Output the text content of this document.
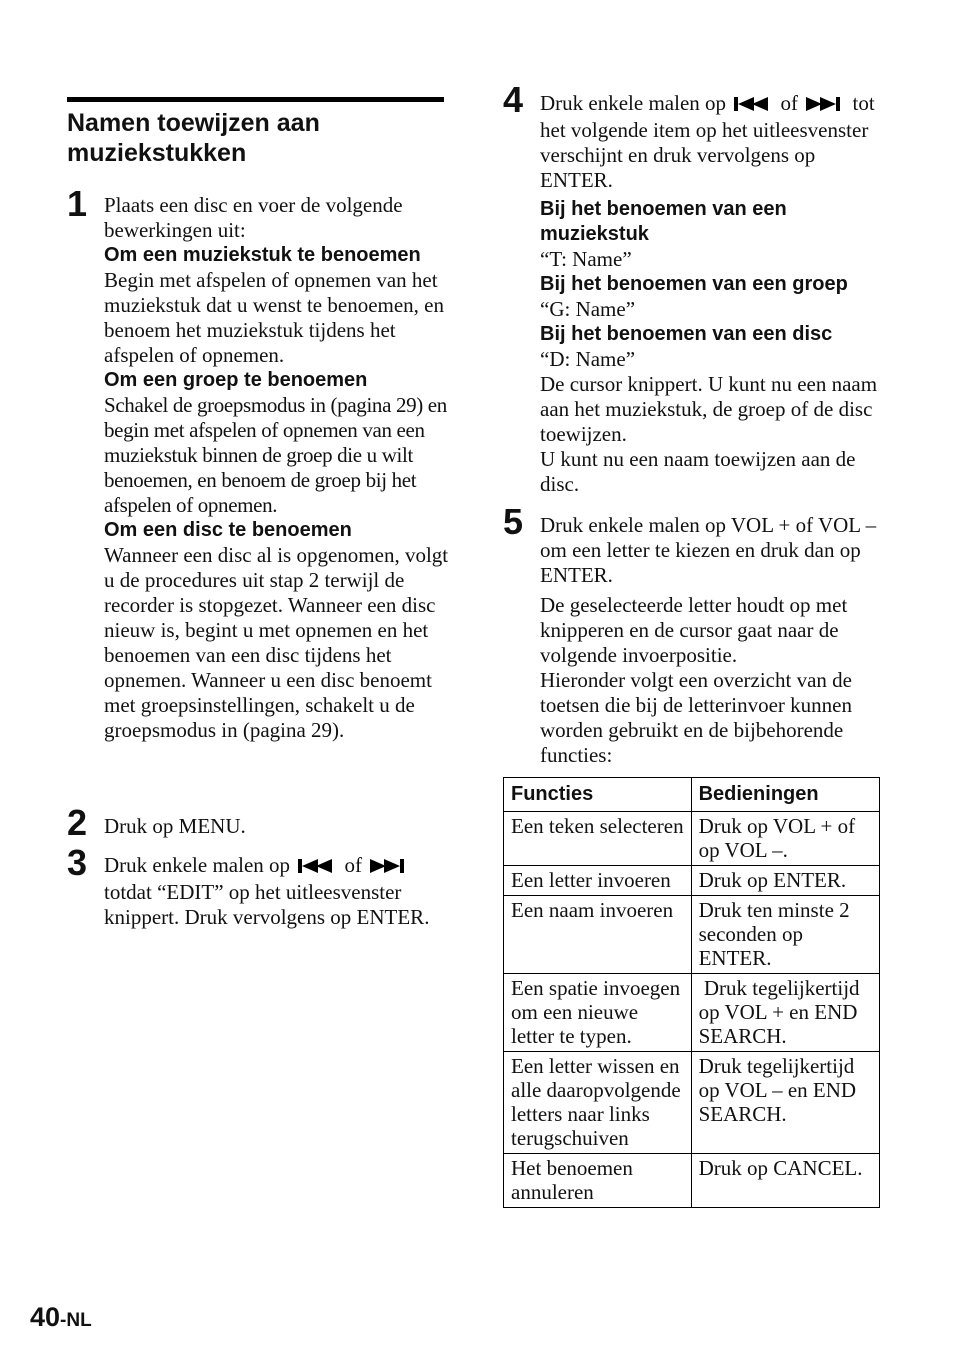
Namen toewijzen aan muziekstukken
1 Plaats een disc en voer de volgende bewerkingen uit:
Om een muziekstuk te benoemen
Begin met afspelen of opnemen van het muziekstuk dat u wenst te benoemen, en benoem het muziekstuk tijdens het afspelen of opnemen.
Om een groep te benoemen
Schakel de groepsmodus in (pagina 29) en begin met afspelen of opnemen van een muziekstuk binnen de groep die u wilt benoemen, en benoem de groep bij het afspelen of opnemen.
Om een disc te benoemen
Wanneer een disc al is opgenomen, volgt u de procedures uit stap 2 terwijl de recorder is stopgezet. Wanneer een disc nieuw is, begint u met opnemen en het benoemen van een disc tijdens het opnemen. Wanneer u een disc benoemt met groepsinstellingen, schakelt u de groepsmodus in (pagina 29).
2 Druk op MENU.
3 Druk enkele malen op	of  totdat “EDIT” op het uitleesvenster knippert. Druk vervolgens op ENTER.
4 Druk enkele malen op	of	tot het volgende item op het uitleesvenster verschijnt en druk vervolgens op ENTER.
Bij het benoemen van een muziekstuk
“T: Name”
Bij het benoemen van een groep
“G: Name”
Bij het benoemen van een disc
“D: Name”
De cursor knippert. U kunt nu een naam aan het muziekstuk, de groep of de disc toewijzen.
U kunt nu een naam toewijzen aan de disc.
5 Druk enkele malen op VOL + of VOL – om een letter te kiezen en druk dan op ENTER.
De geselecteerde letter houdt op met knipperen en de cursor gaat naar de volgende invoerpositie.
Hieronder volgt een overzicht van de toetsen die bij de letterinvoer kunnen worden gebruikt en de bijbehorende functies:
Functies	Bedieningen
Een teken selecteren	Druk op VOL + of op VOL –.
Een letter invoeren	Druk op ENTER.
Een naam invoeren	Druk ten minste 2 seconden op ENTER.
Een spatie invoegen om een nieuwe letter te typen.	Druk tegelijkertijd op VOL + en END SEARCH.
Een letter wissen en alle daaropvolgende letters naar links terugschuiven	Druk tegelijkertijd op VOL – en END SEARCH.
Het benoemen annuleren	Druk op CANCEL.
40-NL
